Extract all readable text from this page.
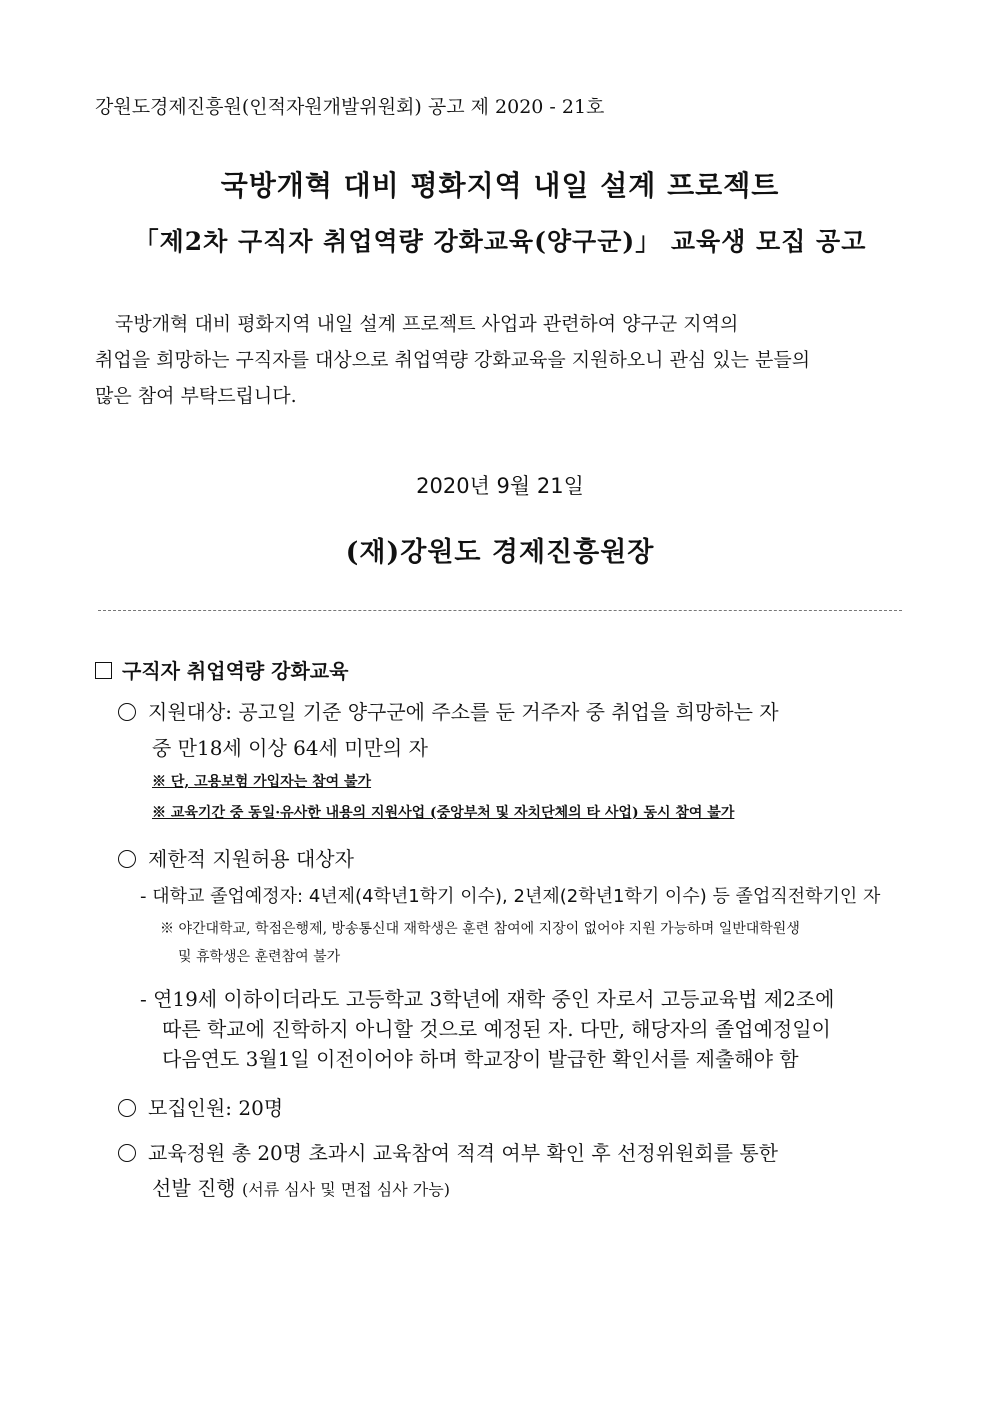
강원도경제진흥원(인적자원개발위원회) 공고 제 2020 - 21호
국방개혁 대비 평화지역 내일 설계 프로젝트
「제2차 구직자 취업역량 강화교육(양구군)」 교육생 모집 공고

국방개혁 대비 평화지역 내일 설계 프로젝트 사업과 관련하여 양구군 지역의

취업을 희망하는 구직자를 대상으로 취업역량 강화교육을 지원하오니 관심 있는 분들의

많은 참여 부탁드립니다.

2020년 9월 21일
(재)강원도 경제진흥원장
구직자 취업역량 강화교육
지원대상: 공고일 기준 양구군에 주소를 둔 거주자 중 취업을 희망하는 자
중 만18세 이상 64세 미만의 자
※ 단, 고용보험 가입자는 참여 불가
※ 교육기간 중 동일·유사한 내용의 지원사업 (중앙부처 및 자치단체의 타 사업) 동시 참여 불가
제한적 지원허용 대상자
- 대학교 졸업예정자: 4년제(4학년1학기 이수), 2년제(2학년1학기 이수) 등 졸업직전학기인 자
※ 야간대학교, 학점은행제, 방송통신대 재학생은 훈련 참여에 지장이 없어야 지원 가능하며 일반대학원생
및 휴학생은 훈련참여 불가
- 연19세 이하이더라도 고등학교 3학년에 재학 중인 자로서 고등교육법 제2조에
따른 학교에 진학하지 아니할 것으로 예정된 자. 다만, 해당자의 졸업예정일이
다음연도 3월1일 이전이어야 하며 학교장이 발급한 확인서를 제출해야 함
모집인원: 20명
교육정원 총 20명 초과시 교육참여 적격 여부 확인 후 선정위원회를 통한
선발 진행 (서류 심사 및 면접 심사 가능)
